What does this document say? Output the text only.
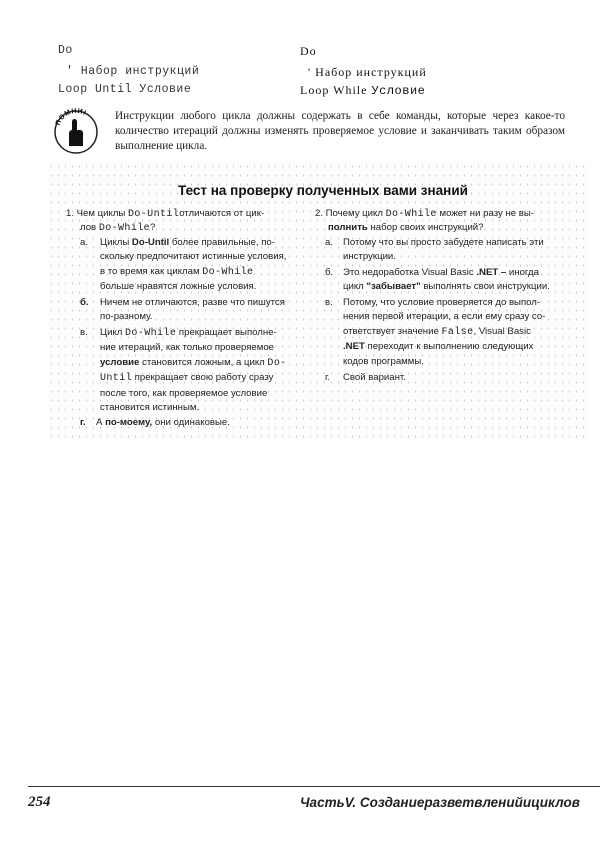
Do
' Набор инструкций
Loop Until Условие
Do
' Набор инструкций
Loop While Условие
ПОМНИ! Инструкции любого цикла должны содержать в себе команды, которые через какое-то количество итераций должны изменять проверяемое условие и заканчивать таким образом выполнение цикла.
Тест на проверку полученных вами знаний
1. Чем циклы Do-Untilотличаются от цик-
лов Do-While?
а. Циклы Do-Until более правильные, по-
скольку предпочитают истинные условия,
в то время как циклам Do-While
больше нравятся ложные условия.
б. Ничем не отличаются, разве что пишутся
по-разному.
в. Цикл Do-While прекращает выполне-
ние итераций, как только проверяемое
условие становится ложным, а цикл Do-
Until прекращает свою работу сразу
после того, как проверяемое условие
становится истинным.
г. А по-моему, они одинаковые.
2. Почему цикл Do-While может ни разу не вы-
полнить набор своих инструкций?
а. Потому что вы просто забудете написать эти
инструкции.
б. Это недоработка Visual Basic .NET – иногда
цикл "забывает" выполнять свои инструкции.
в. Потому, что условие проверяется до выпол-
нения первой итерации, а если ему сразу со-
ответствует значение False, Visual Basic
.NET переходит к выполнению следующих
кодов программы.
г. Свой вариант.
254	ЧастьV. Созданиеразветвленийициклов
